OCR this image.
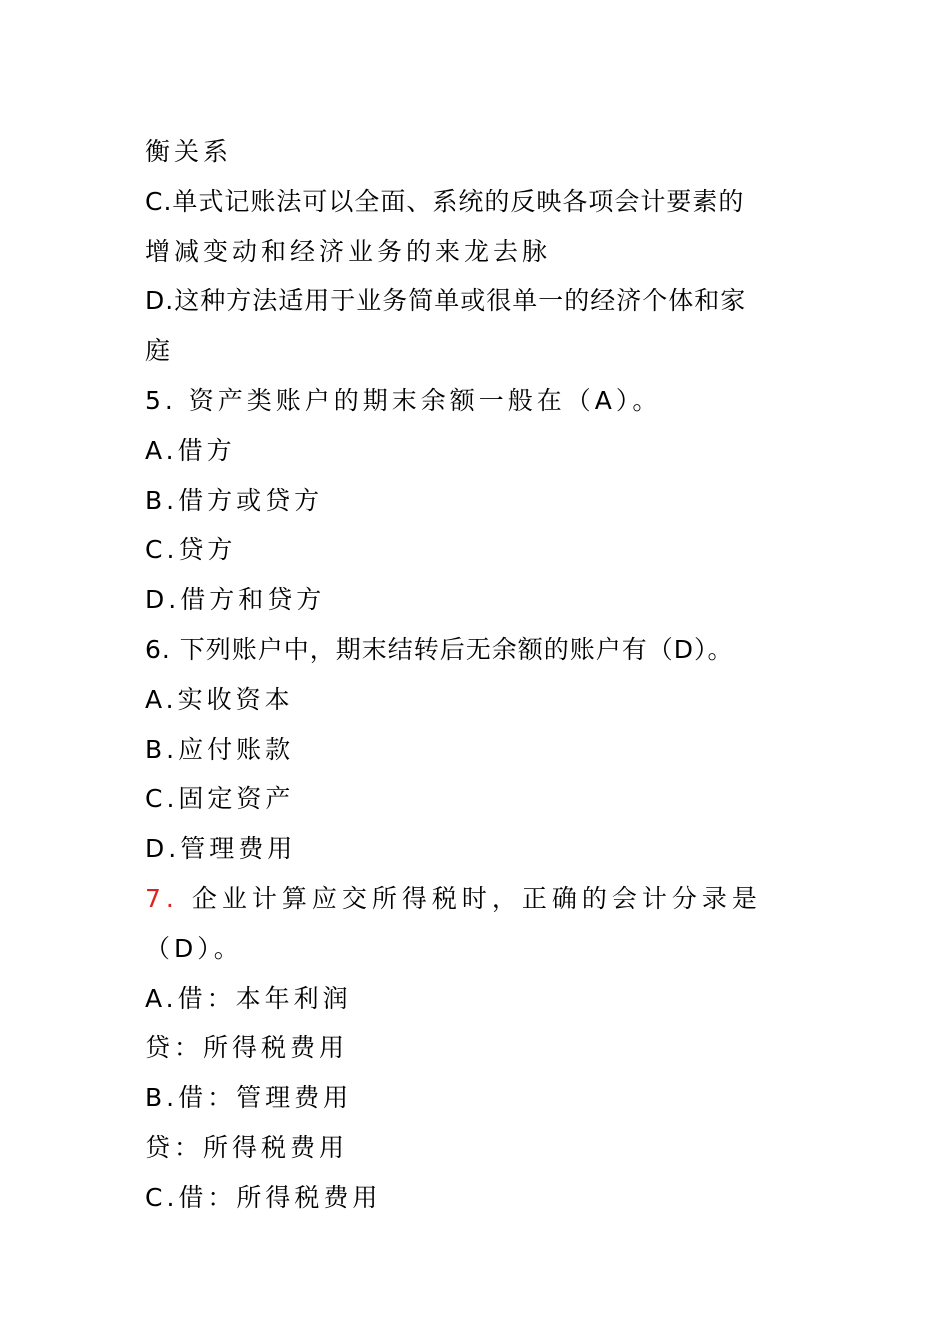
衡关系
C.单式记账法可以全面、系统的反映各项会计要素的
增减变动和经济业务的来龙去脉
D.这种方法适用于业务简单或很单一的经济个体和家
庭
5. 资产类账户的期末余额一般在（A）。
A.借方
B.借方或贷方
C.贷方
D.借方和贷方
6. 下列账户中，期末结转后无余额的账户有（D）。
A.实收资本
B.应付账款
C.固定资产
D.管理费用
7. 企业计算应交所得税时，正确的会计分录是
（D）。
A.借：本年利润
贷：所得税费用
B.借：管理费用
贷：所得税费用
C.借：所得税费用
